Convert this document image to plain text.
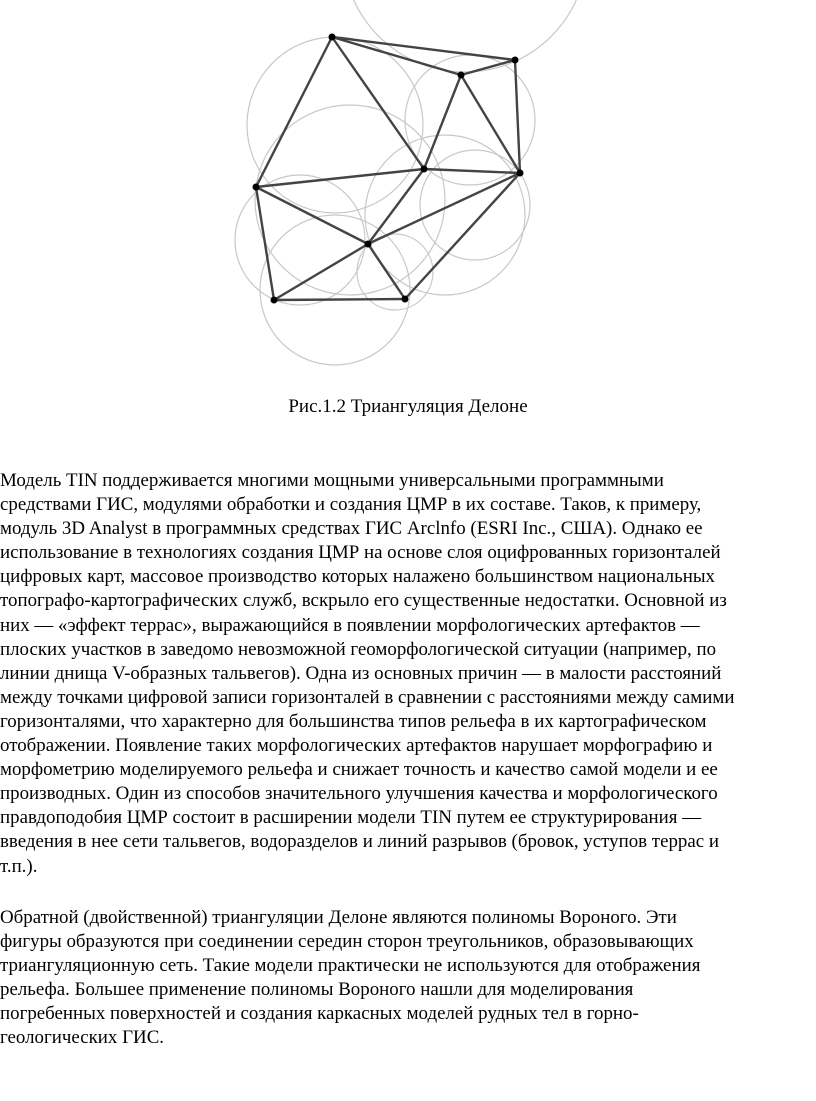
Рис.1.2 Триангуляция Делоне
Модель TIN поддерживается многими мощными универсальными программными
средствами ГИС, модулями обработки и создания ЦМР в их составе. Таков, к примеру,
модуль 3D Analyst в программных средствах ГИС Arclnfo (ESRI Inc., США). Однако ее
использование в технологиях создания ЦМР на основе слоя оцифрованных горизонталей
цифровых карт, массовое производство которых налажено большинством национальных
топографо-картографических служб, вскрыло его существенные недостатки. Основной из
них — «эффект террас», выражающийся в появлении морфологических артефактов —
плоских участков в заведомо невозможной геоморфологической ситуации (например, по
линии днища V-образных тальвегов). Одна из основных причин — в малости расстояний
между точками цифровой записи горизонталей в сравнении с расстояниями между самими
горизонталями, что характерно для большинства типов рельефа в их картографическом
отображении. Появление таких морфологических артефактов нарушает морфографию и
морфометрию моделируемого рельефа и снижает точность и качество самой модели и ее
производных. Один из способов значительного улучшения качества и морфологического
правдоподобия ЦМР состоит в расширении модели TIN путем ее структурирования —
введения в нее сети тальвегов, водоразделов и линий разрывов (бровок, уступов террас и
т.п.).
Обратной (двойственной) триангуляции Делоне являются полиномы Вороного. Эти
фигуры образуются при соединении середин сторон треугольников, образовывающих
триангуляционную сеть. Такие модели практически не используются для отображения
рельефа. Большее применение полиномы Вороного нашли для моделирования
погребенных поверхностей и создания каркасных моделей рудных тел в горно-
геологических ГИС.
